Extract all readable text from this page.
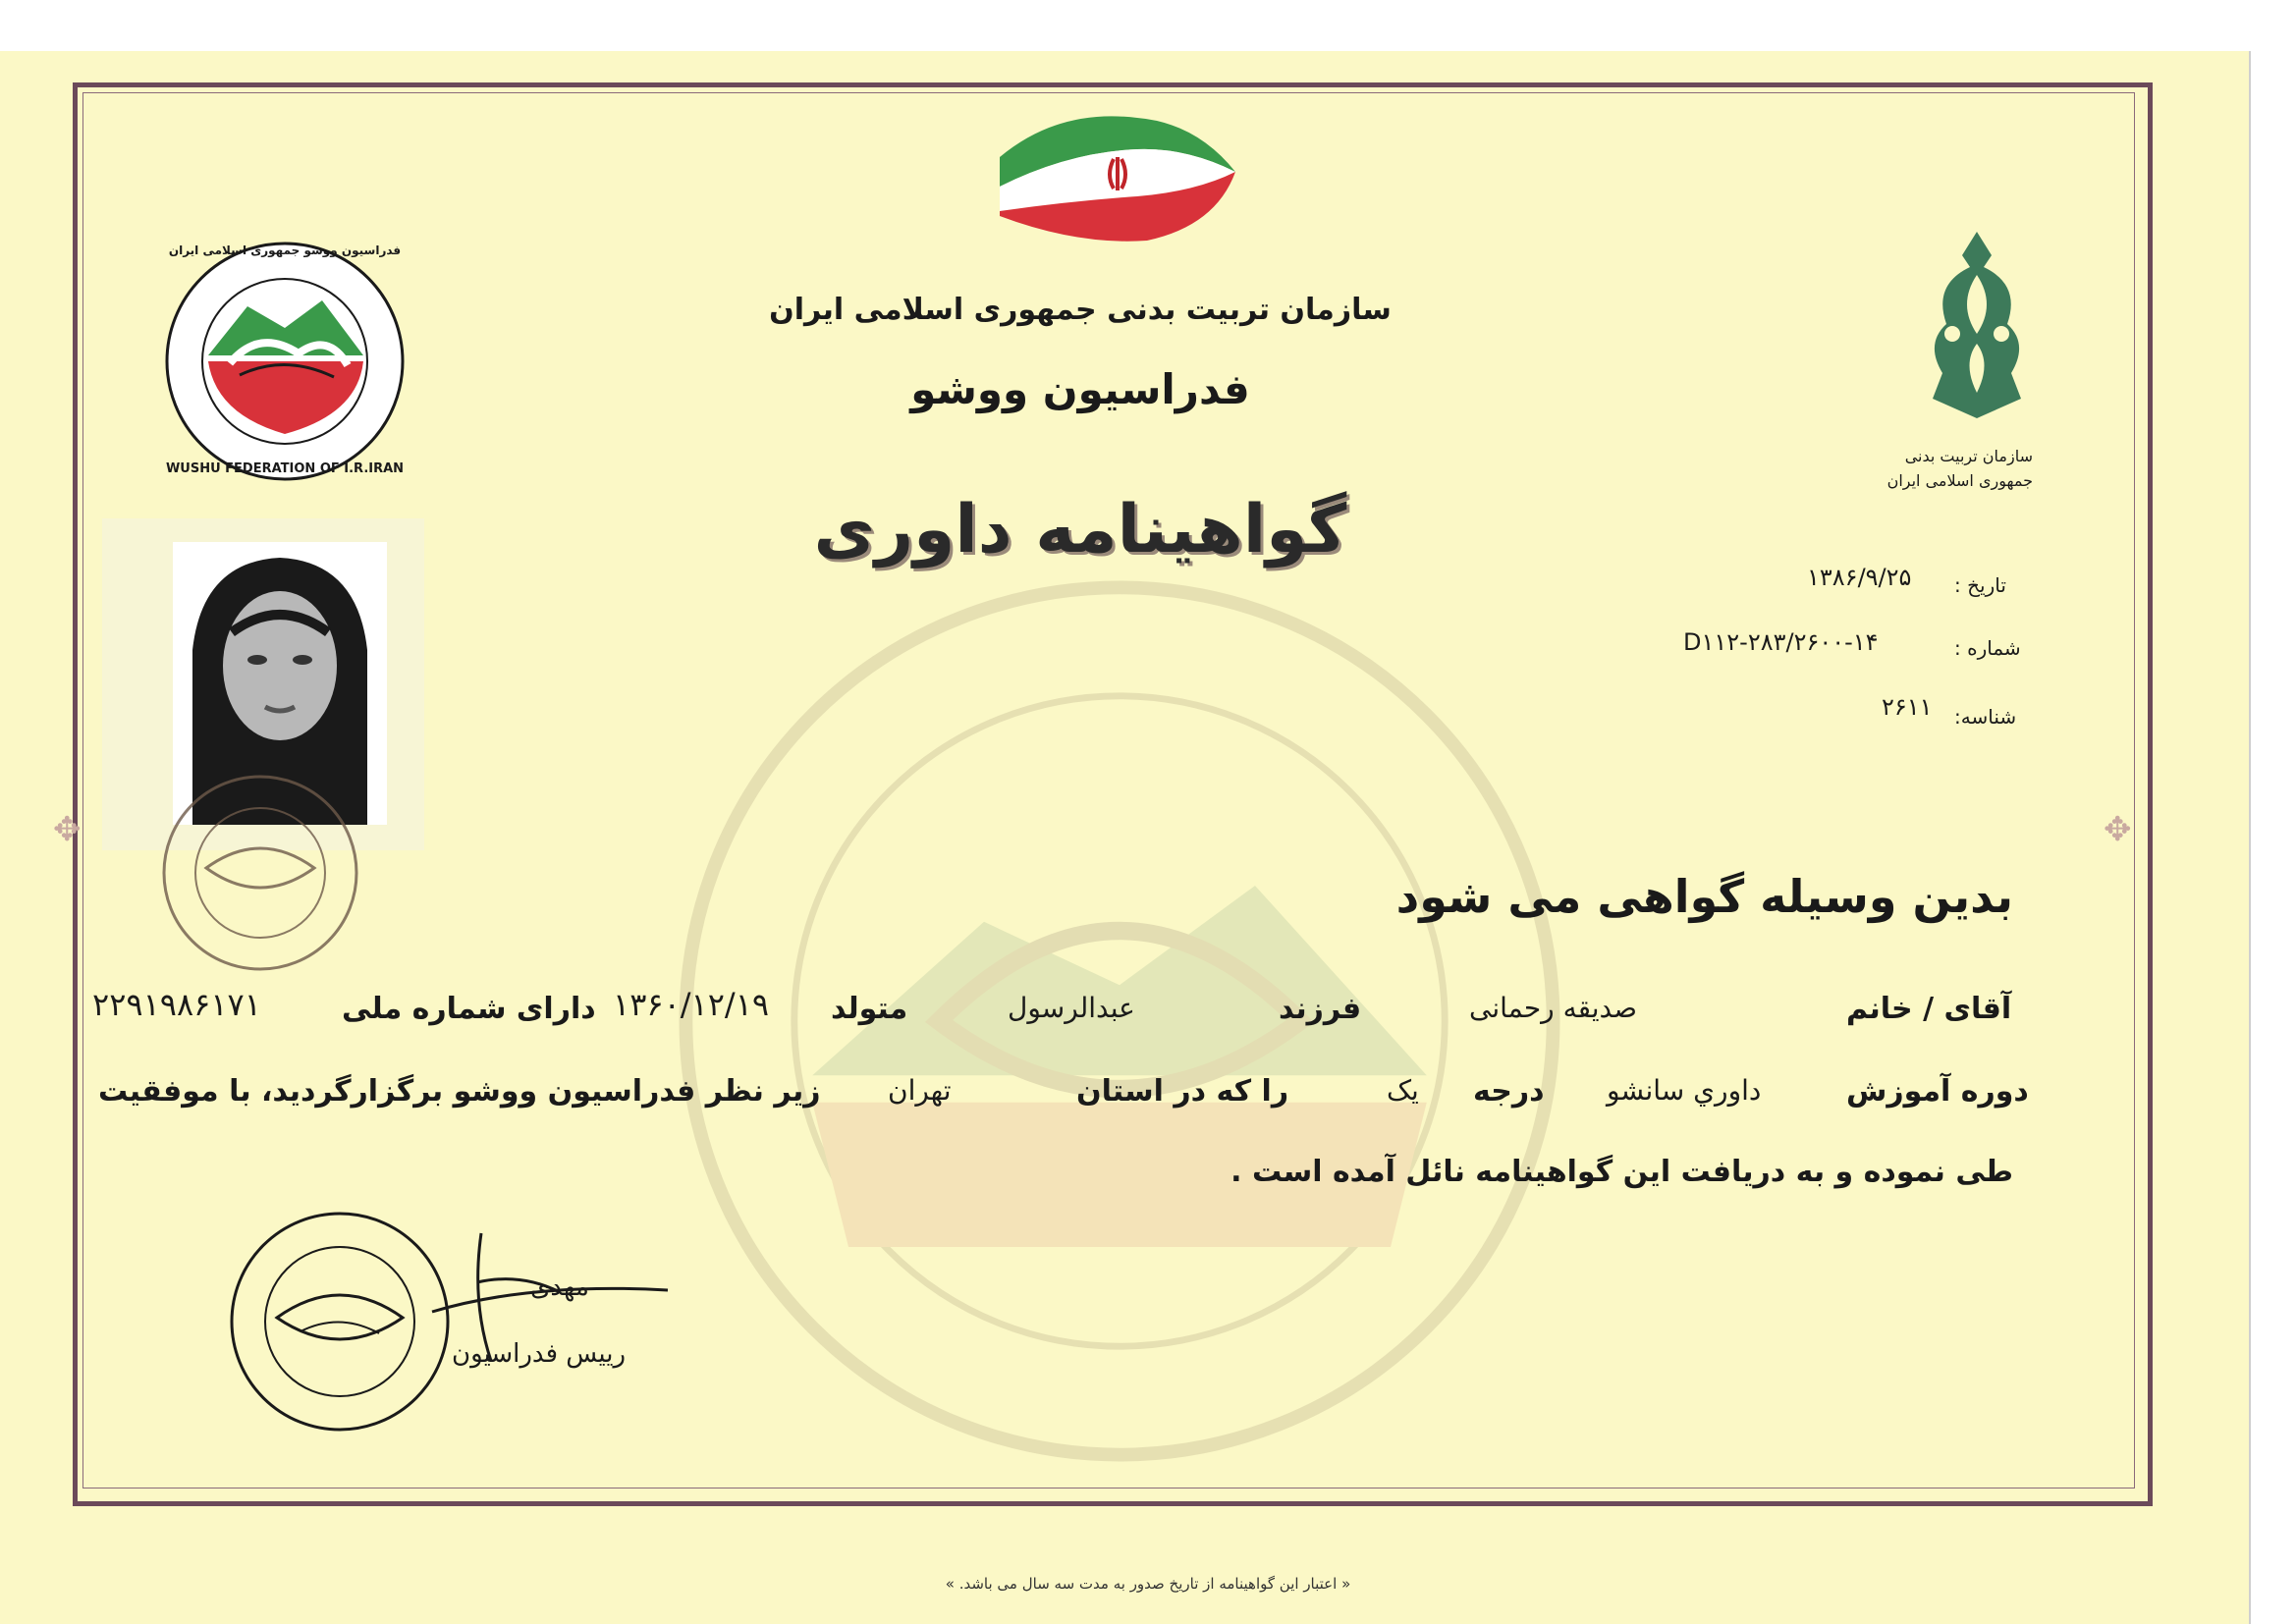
✥	✥
WUSHU FEDERATION OF I.R.IRAN
فدراسیون ووشو جمهوری اسلامی ایران
سازمان تربیت بدنی
جمهوری اسلامی ایران
سازمان تربیت بدنی جمهوری اسلامی ایران
فدراسیون ووشو
گواهینامه داوری
تاریخ :
۱۳۸۶/۹/۲۵
شماره :
D۱۱۲-۲۸۳/۲۶۰۰-۱۴
شناسه:
۲۶۱۱
بدین وسیله گواهی می شود
آقای / خانم
صدیقه رحمانی
فرزند
عبدالرسول
متولد
۱۳۶۰/۱۲/۱۹
دارای شماره ملی
۲۲۹۱۹۸۶۱۷۱
دوره آموزش
داوري سانشو
درجه
یک
را که در استان
تهران
زیر نظر فدراسیون ووشو برگزارگردید، با موفقیت
طی نموده و به دریافت این گواهینامه نائل آمده است .
مهدی
رییس فدراسیون
« اعتبار این گواهینامه از تاریخ صدور به مدت سه سال می باشد. »
